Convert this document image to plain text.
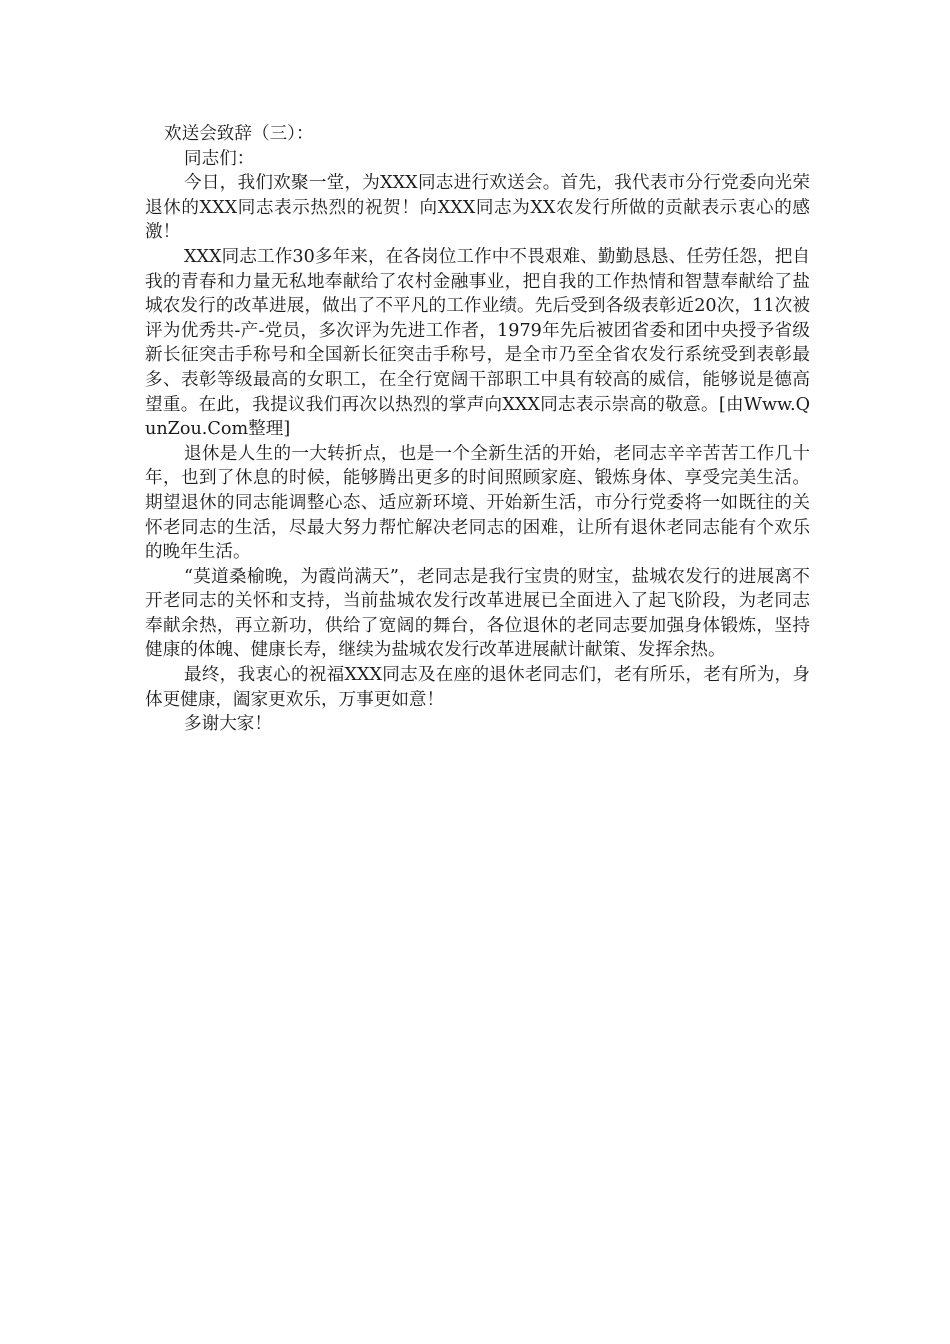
欢送会致辞（三）：

同志们：

今日，我们欢聚一堂，为XXX同志进行欢送会。首先，我代表市分行党委向光荣退休的XXX同志表示热烈的祝贺！向XXX同志为XX农发行所做的贡献表示衷心的感激！

XXX同志工作30多年来，在各岗位工作中不畏艰难、勤勤恳恳、任劳任怨，把自我的青春和力量无私地奉献给了农村金融事业，把自我的工作热情和智慧奉献给了盐城农发行的改革进展，做出了不平凡的工作业绩。先后受到各级表彰近20次，11次被评为优秀共-产-党员，多次评为先进工作者，1979年先后被团省委和团中央授予省级新长征突击手称号和全国新长征突击手称号，是全市乃至全省农发行系统受到表彰最多、表彰等级最高的女职工，在全行宽阔干部职工中具有较高的威信，能够说是德高望重。在此，我提议我们再次以热烈的掌声向XXX同志表示崇高的敬意。[由Www.QunZou.Com整理]

退休是人生的一大转折点，也是一个全新生活的开始，老同志辛辛苦苦工作几十年，也到了休息的时候，能够腾出更多的时间照顾家庭、锻炼身体、享受完美生活。期望退休的同志能调整心态、适应新环境、开始新生活，市分行党委将一如既往的关怀老同志的生活，尽最大努力帮忙解决老同志的困难，让所有退休老同志能有个欢乐的晚年生活。

“莫道桑榆晚，为霞尚满天”，老同志是我行宝贵的财宝，盐城农发行的进展离不开老同志的关怀和支持，当前盐城农发行改革进展已全面进入了起飞阶段，为老同志奉献余热，再立新功，供给了宽阔的舞台，各位退休的老同志要加强身体锻炼，坚持健康的体魄、健康长寿，继续为盐城农发行改革进展献计献策、发挥余热。

最终，我衷心的祝福XXX同志及在座的退休老同志们，老有所乐，老有所为，身体更健康，阖家更欢乐，万事更如意！

多谢大家！
